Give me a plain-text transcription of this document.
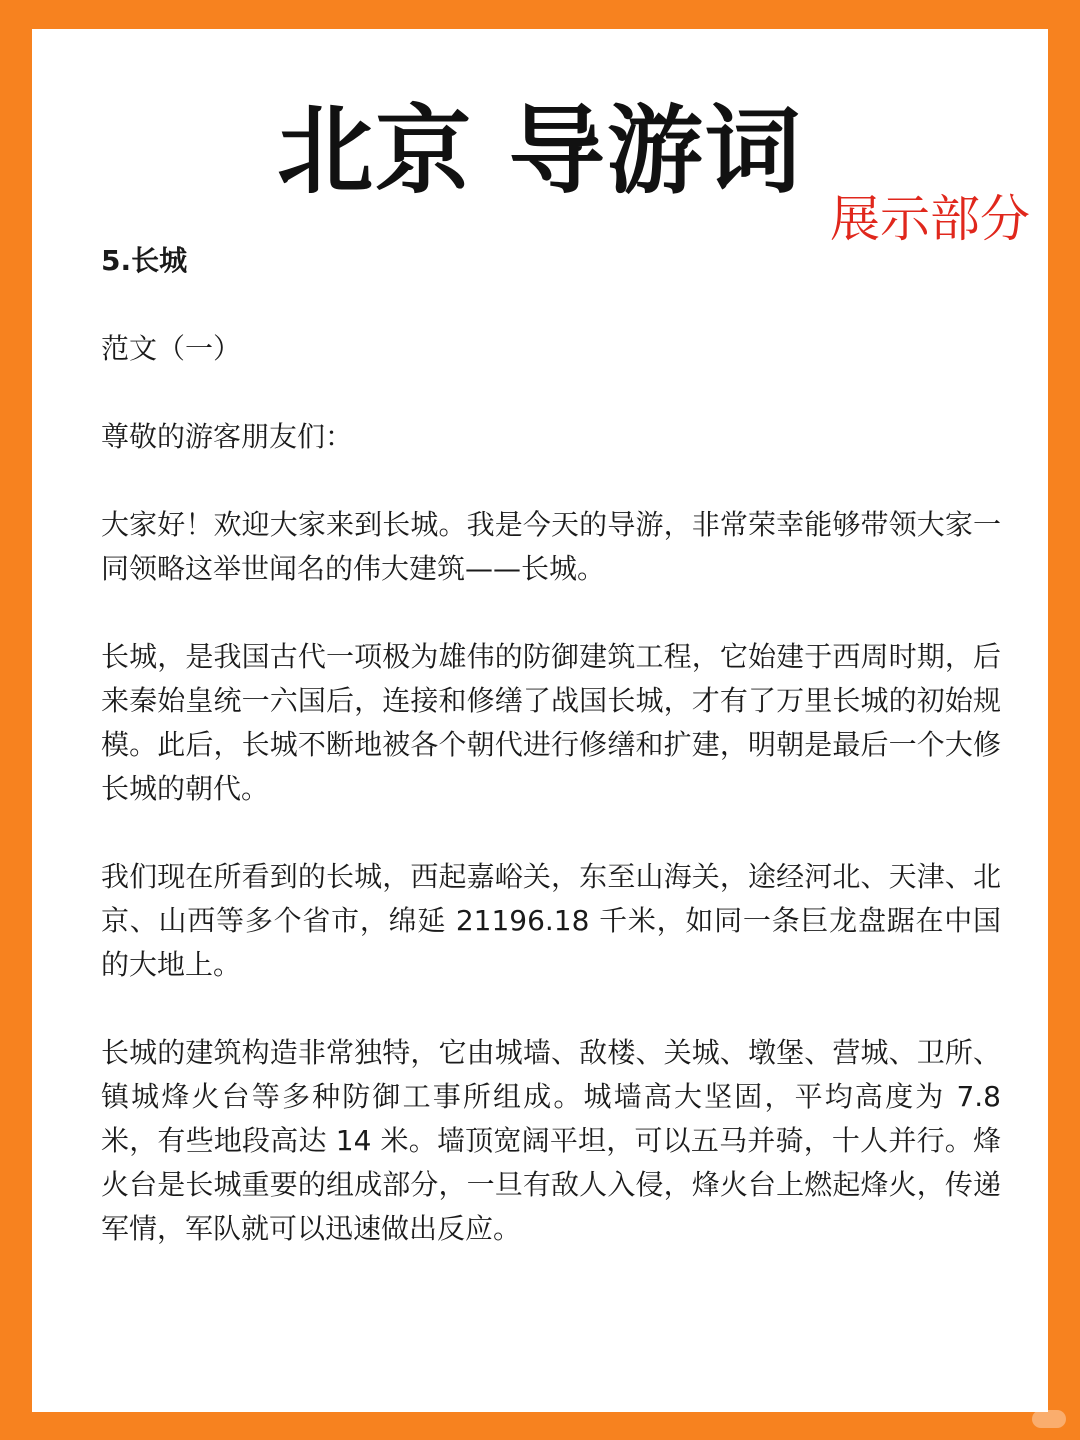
北京 导游词
展示部分

5.长城

范文（一）

尊敬的游客朋友们：

大家好！欢迎大家来到长城。我是今天的导游，非常荣幸能够带领大家一同领略这举世闻名的伟大建筑——长城。

长城，是我国古代一项极为雄伟的防御建筑工程，它始建于西周时期，后来秦始皇统一六国后，连接和修缮了战国长城，才有了万里长城的初始规模。此后，长城不断地被各个朝代进行修缮和扩建，明朝是最后一个大修长城的朝代。

我们现在所看到的长城，西起嘉峪关，东至山海关，途经河北、天津、北京、山西等多个省市，绵延 21196.18 千米，如同一条巨龙盘踞在中国的大地上。

长城的建筑构造非常独特，它由城墙、敌楼、关城、墩堡、营城、卫所、镇城烽火台等多种防御工事所组成。城墙高大坚固，平均高度为 7.8 米，有些地段高达 14 米。墙顶宽阔平坦，可以五马并骑，十人并行。烽火台是长城重要的组成部分，一旦有敌人入侵，烽火台上燃起烽火，传递军情，军队就可以迅速做出反应。
